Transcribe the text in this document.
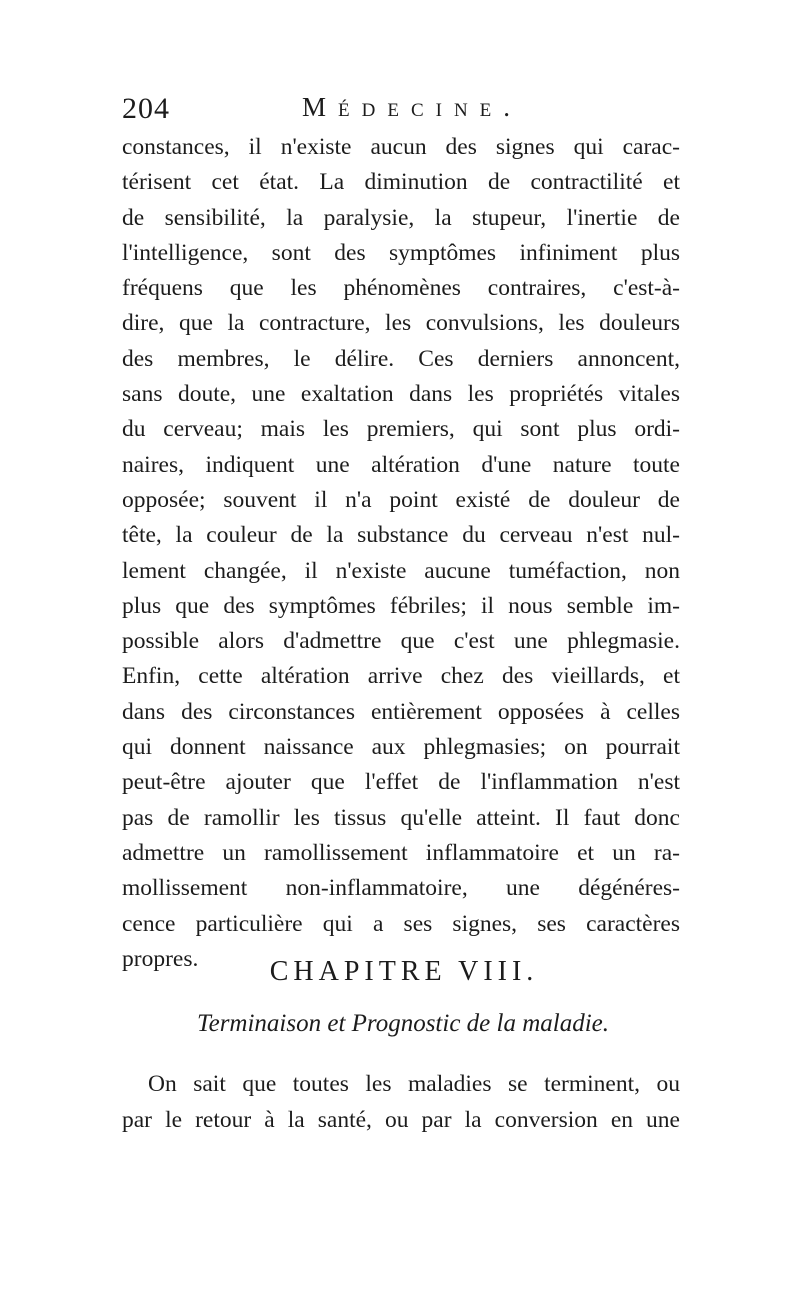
204	Médecine.
constances, il n'existe aucun des signes qui carac-
térisent cet état. La diminution de contractilité et
de sensibilité, la paralysie, la stupeur, l'inertie de
l'intelligence, sont des symptômes infiniment plus
fréquens que les phénomènes contraires, c'est-à-
dire, que la contracture, les convulsions, les douleurs
des membres, le délire. Ces derniers annoncent,
sans doute, une exaltation dans les propriétés vitales
du cerveau; mais les premiers, qui sont plus ordi-
naires, indiquent une altération d'une nature toute
opposée; souvent il n'a point existé de douleur de
tête, la couleur de la substance du cerveau n'est nul-
lement changée, il n'existe aucune tuméfaction, non
plus que des symptômes fébriles; il nous semble im-
possible alors d'admettre que c'est une phlegmasie.
Enfin, cette altération arrive chez des vieillards, et
dans des circonstances entièrement opposées à celles
qui donnent naissance aux phlegmasies; on pourrait
peut-être ajouter que l'effet de l'inflammation n'est
pas de ramollir les tissus qu'elle atteint. Il faut donc
admettre un ramollissement inflammatoire et un ra-
mollissement non-inflammatoire, une dégénéres-
cence particulière qui a ses signes, ses caractères
propres.	CHAPITRE VIII.
Terminaison et Prognostic de la maladie.
On sait que toutes les maladies se terminent, ou
par le retour à la santé, ou par la conversion en une
